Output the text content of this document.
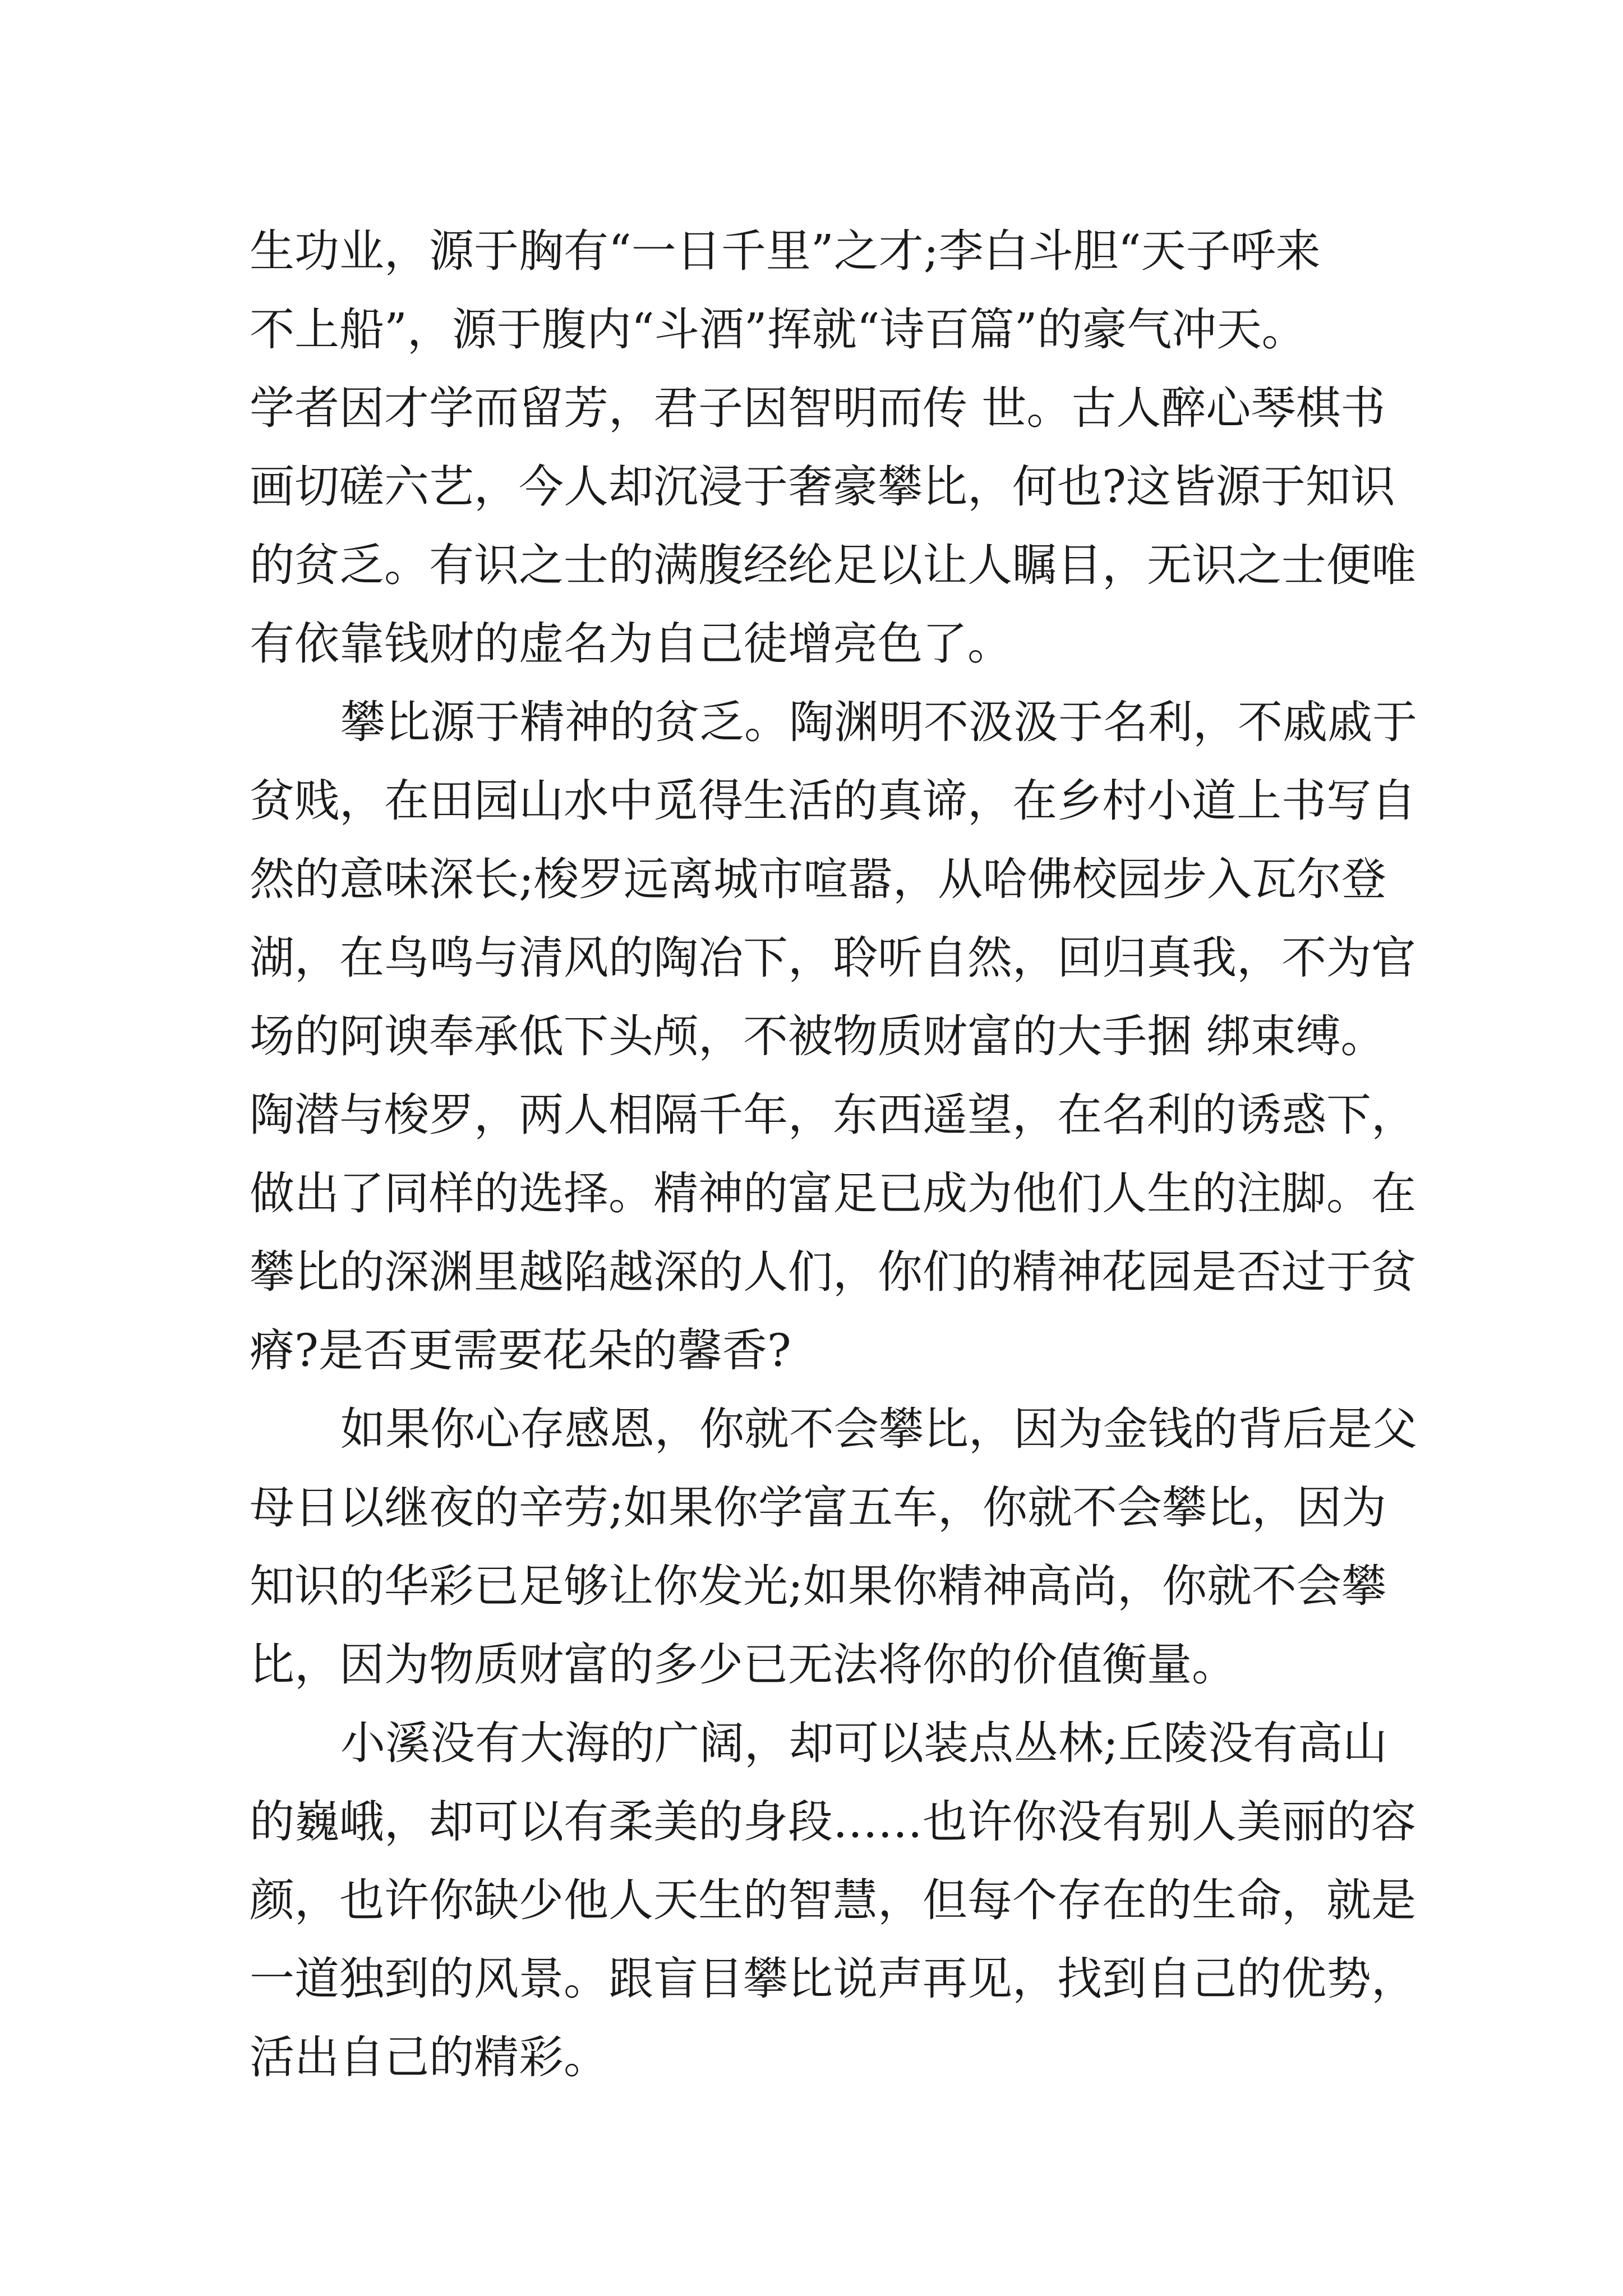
生功业，源于胸有“一日千里”之才;李白斗胆“天子呼来
不上船”，源于腹内“斗酒”挥就“诗百篇”的豪气冲天。
学者因才学而留芳，君子因智明而传 世。古人醉心琴棋书
画切磋六艺，今人却沉浸于奢豪攀比，何也?这皆源于知识
的贫乏。有识之士的满腹经纶足以让人瞩目，无识之士便唯
有依靠钱财的虚名为自己徒增亮色了。
攀比源于精神的贫乏。陶渊明不汲汲于名利，不戚戚于
贫贱，在田园山水中觅得生活的真谛，在乡村小道上书写自
然的意味深长;梭罗远离城市喧嚣，从哈佛校园步入瓦尔登
湖，在鸟鸣与清风的陶冶下，聆听自然，回归真我，不为官
场的阿谀奉承低下头颅，不被物质财富的大手捆 绑束缚。
陶潜与梭罗，两人相隔千年，东西遥望，在名利的诱惑下，
做出了同样的选择。精神的富足已成为他们人生的注脚。在
攀比的深渊里越陷越深的人们，你们的精神花园是否过于贫
瘠?是否更需要花朵的馨香?
如果你心存感恩，你就不会攀比，因为金钱的背后是父
母日以继夜的辛劳;如果你学富五车，你就不会攀比，因为
知识的华彩已足够让你发光;如果你精神高尚，你就不会攀
比，因为物质财富的多少已无法将你的价值衡量。
小溪没有大海的广阔，却可以装点丛林;丘陵没有高山
的巍峨，却可以有柔美的身段……也许你没有别人美丽的容
颜，也许你缺少他人天生的智慧，但每个存在的生命，就是
一道独到的风景。跟盲目攀比说声再见，找到自己的优势，
活出自己的精彩。
